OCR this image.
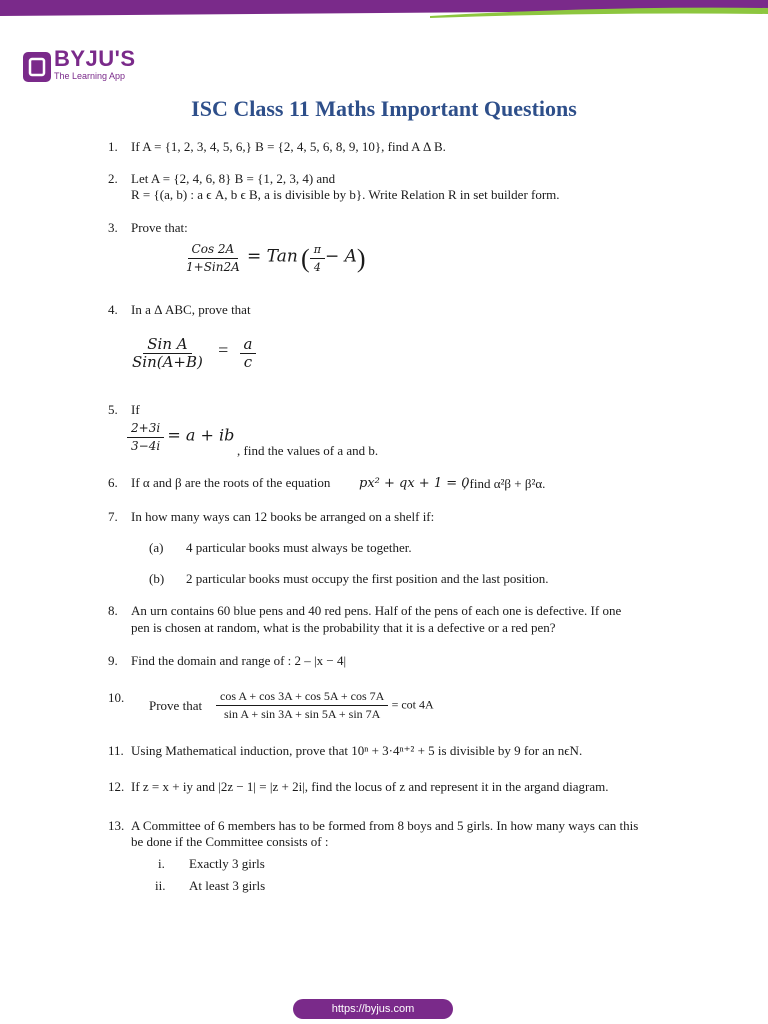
BYJU'S
The Learning App
ISC Class 11 Maths Important Questions
1. If A = {1, 2, 3, 4, 5, 6,} B = {2, 4, 5, 6, 8, 9, 10}, find A Δ B.
2. Let A = {2, 4, 6, 8} B = {1, 2, 3, 4) and
R = {(a, b) : a ϵ A, b ϵ B, a is divisible by b}. Write Relation R in set builder form.
3. Prove that:
$\frac{\text{Cos 2A}}{\text{1+Sin2A}}$ = Tan ( $\frac{\pi}{4} - A$)
4. In a Δ ABC, prove that
$\frac{\text{Sin A}}{\text{Sin(A+B)}} = \frac{a}{c}$
5. If
$\frac{2+3i}{3-4i} = a$ + ib
, find the values of a and b.
6. If α and β are the roots of the equation px² + qx + 1 = 0
, find α²β + β²α.
7. In how many ways can 12 books be arranged on a shelf if:
(a) 4 particular books must always be together.
(b) 2 particular books must occupy the first position and the last position.
8. An urn contains 60 blue pens and 40 red pens. Half of the pens of each one is defective. If one
pen is chosen at random, what is the probability that it is a defective or a red pen?
9. Find the domain and range of : 2 – |x − 4|
10.
Prove that $\frac{\text{cos A + cos 3A + cos 5A + cos 7A}}{\text{sin A + sin 3A + sin 5A + sin 7A}} = \cot 4A$
11. Using Mathematical induction, prove that 10ⁿ + 3·4ⁿ⁺² + 5 is divisible by 9 for an nϵN.
12. If z = x + iy and |2z − 1| = |z + 2i|, find the locus of z and represent it in the argand diagram.
13. A Committee of 6 members has to be formed from 8 boys and 5 girls. In how many ways can this
be done if the Committee consists of :
i. Exactly 3 girls
ii. At least 3 girls
https://byjus.com
